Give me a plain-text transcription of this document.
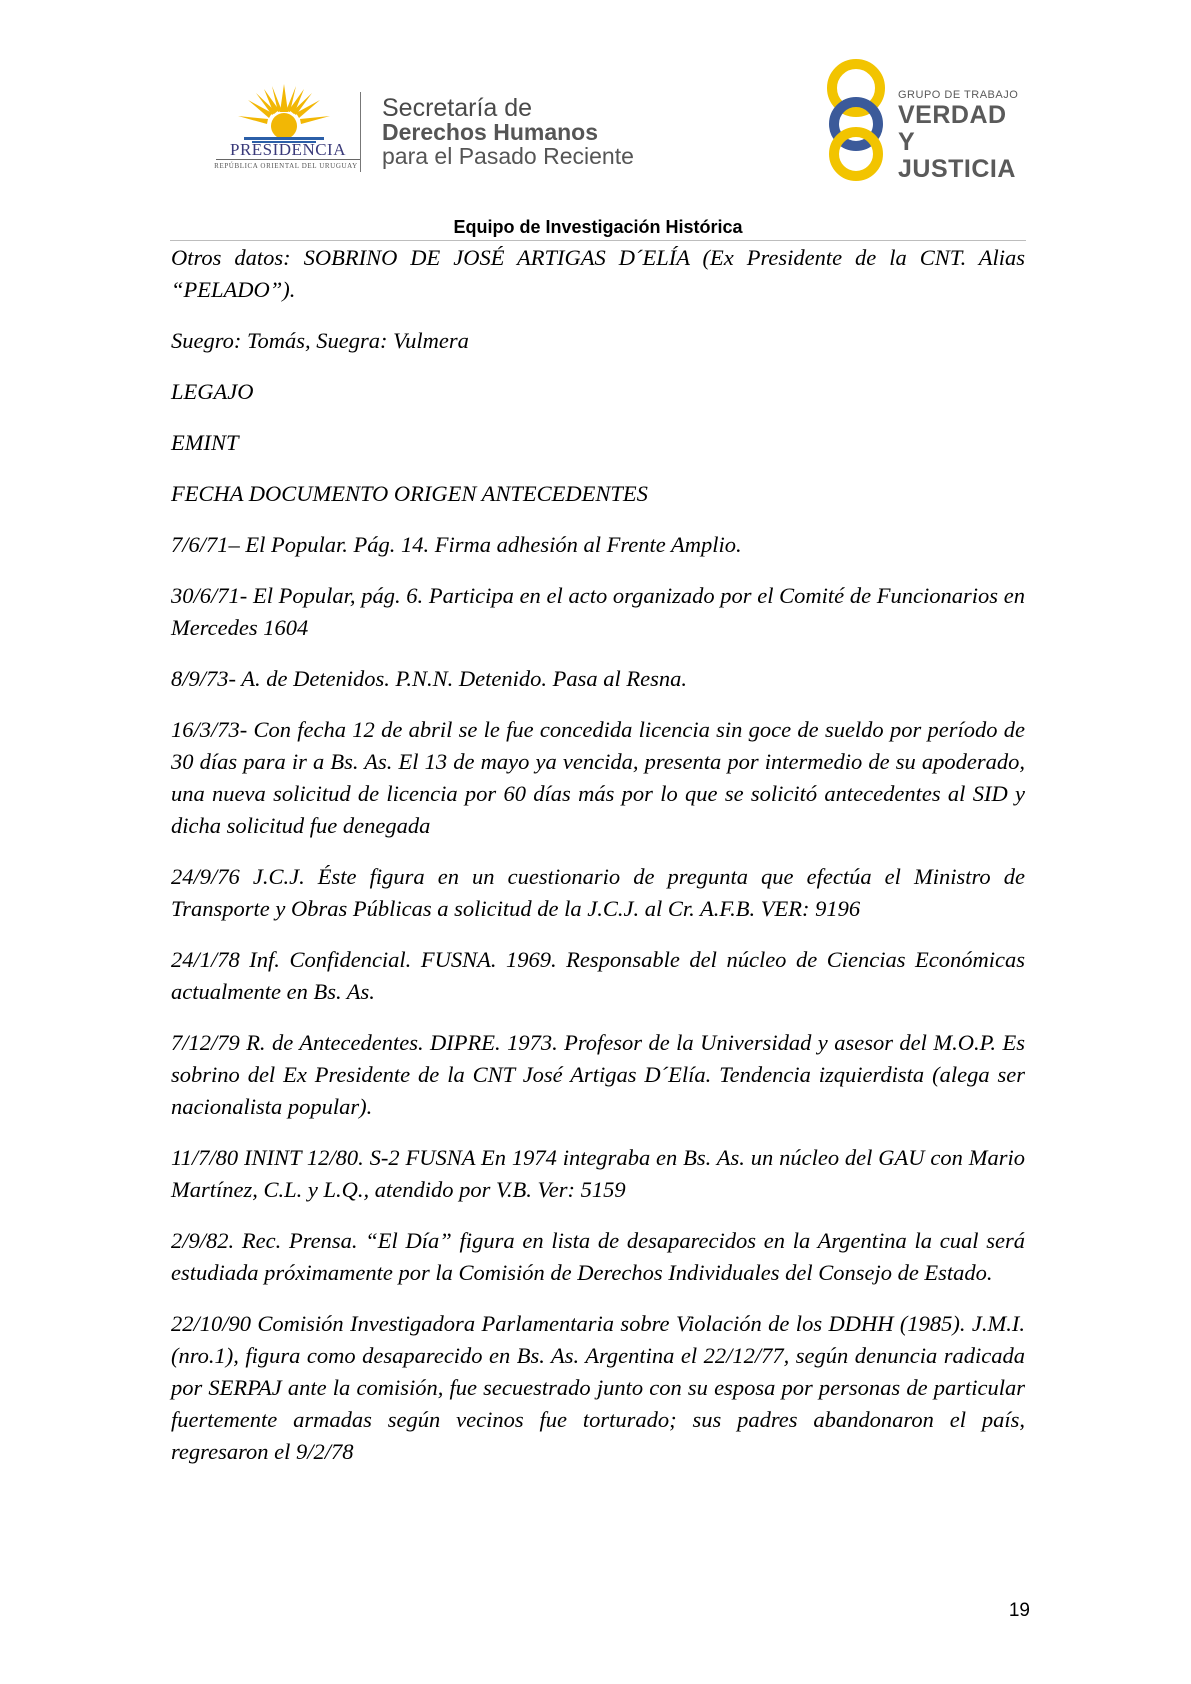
PRESIDENCIA
REPÚBLICA ORIENTAL DEL URUGUAY
Secretaría de
Derechos Humanos
para el Pasado Reciente
GRUPO DE TRABAJO
VERDAD Y
JUSTICIA
Equipo de Investigación Histórica

Otros datos: SOBRINO DE JOSÉ ARTIGAS D´ELÍA (Ex Presidente de la CNT. Alias “PELADO”).

Suegro: Tomás, Suegra: Vulmera

LEGAJO

EMINT

FECHA DOCUMENTO ORIGEN ANTECEDENTES

7/6/71– El Popular. Pág. 14. Firma adhesión al Frente Amplio.

30/6/71- El Popular, pág. 6. Participa en el acto organizado por el Comité de Funcionarios en Mercedes 1604

8/9/73- A. de Detenidos. P.N.N. Detenido. Pasa al Resna.

16/3/73- Con fecha 12 de abril se le fue concedida licencia sin goce de sueldo por período de 30 días para ir a Bs. As. El 13 de mayo ya vencida, presenta por intermedio de su apoderado, una nueva solicitud de licencia por 60 días más por lo que se solicitó antecedentes al SID y dicha solicitud fue denegada

24/9/76 J.C.J. Éste figura en un cuestionario de pregunta que efectúa el Ministro de Transporte y Obras Públicas a solicitud de la J.C.J. al Cr. A.F.B. VER: 9196

24/1/78 Inf. Confidencial. FUSNA. 1969. Responsable del núcleo de Ciencias Económicas actualmente en Bs. As.

7/12/79 R. de Antecedentes. DIPRE. 1973. Profesor de la Universidad y asesor del M.O.P. Es sobrino del Ex Presidente de la CNT José Artigas D´Elía. Tendencia izquierdista (alega ser nacionalista popular).

11/7/80 ININT 12/80. S-2 FUSNA En 1974 integraba en Bs. As. un núcleo del GAU con Mario Martínez, C.L. y L.Q., atendido por V.B. Ver: 5159

2/9/82. Rec. Prensa. “El Día” figura en lista de desaparecidos en la Argentina la cual será estudiada próximamente por la Comisión de Derechos Individuales del Consejo de Estado.

22/10/90 Comisión Investigadora Parlamentaria sobre Violación de los DDHH (1985). J.M.I. (nro.1), figura como desaparecido en Bs. As. Argentina el 22/12/77, según denuncia radicada por SERPAJ ante la comisión, fue secuestrado junto con su esposa por personas de particular fuertemente armadas según vecinos fue torturado; sus padres abandonaron el país, regresaron el 9/2/78

19
